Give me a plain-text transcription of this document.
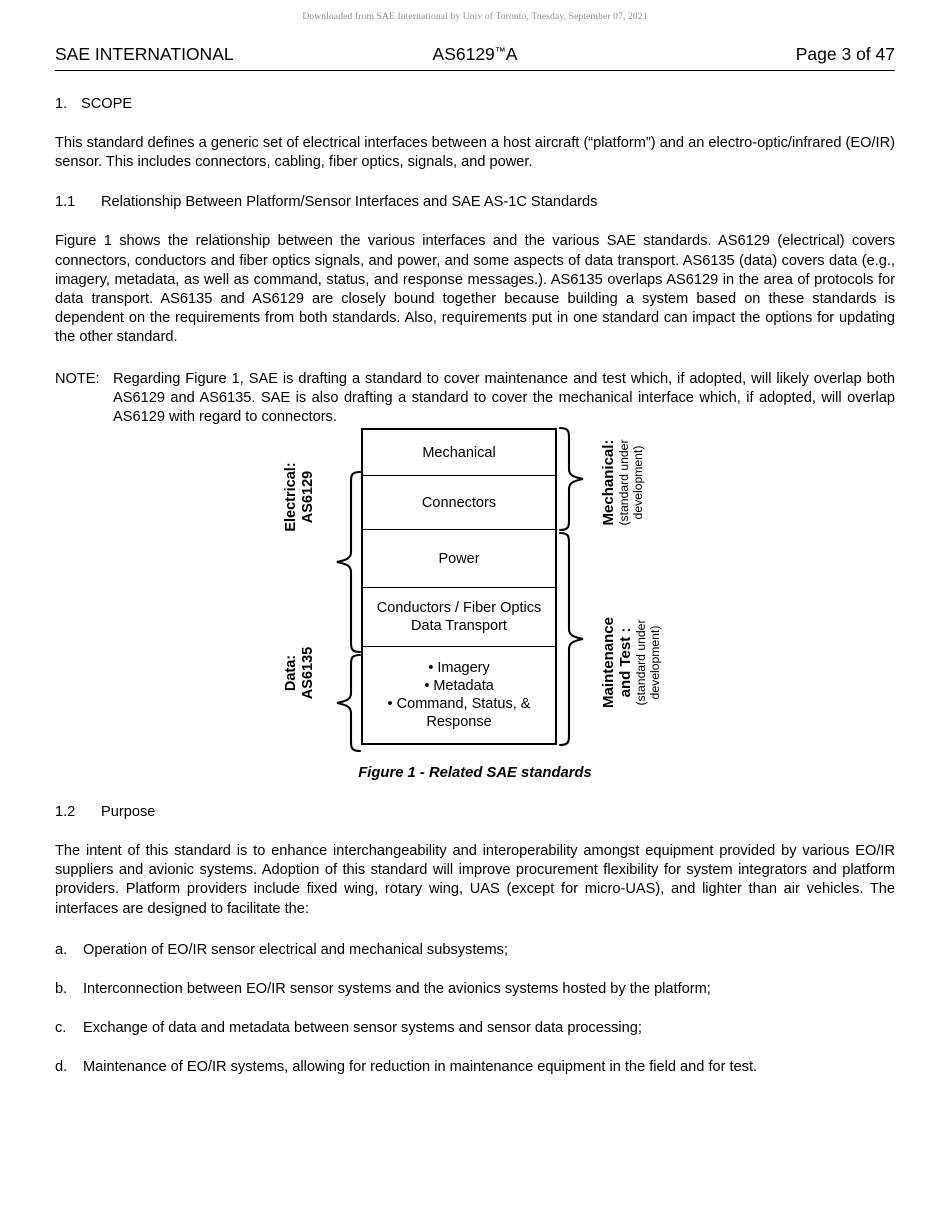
Downloaded from SAE International by Univ of Toronto, Tuesday, September 07, 2021
SAE INTERNATIONAL	AS6129™A	Page 3 of 47
1. SCOPE

This standard defines a generic set of electrical interfaces between a host aircraft (“platform”) and an electro-optic/infrared (EO/IR) sensor. This includes connectors, cabling, fiber optics, signals, and power.

1.1	Relationship Between Platform/Sensor Interfaces and SAE AS-1C Standards

Figure 1 shows the relationship between the various interfaces and the various SAE standards. AS6129 (electrical) covers connectors, conductors and fiber optics signals, and power, and some aspects of data transport. AS6135 (data) covers data (e.g., imagery, metadata, as well as command, status, and response messages.). AS6135 overlaps AS6129 in the area of protocols for data transport. AS6135 and AS6129 are closely bound together because building a system based on these standards is dependent on the requirements from both standards. Also, requirements put in one standard can impact the options for updating the other standard.

NOTE: Regarding Figure 1, SAE is drafting a standard to cover maintenance and test which, if adopted, will likely overlap both AS6129 and AS6135. SAE is also drafting a standard to cover the mechanical interface which, if adopted, will overlap AS6129 with regard to connectors.
Mechanical
Connectors
Power
Conductors / Fiber Optics
Data Transport
• Imagery
• Metadata
• Command, Status, &
Response
Electrical: AS6129
Data: AS6135
Mechanical: (standard under development)
Maintenance and Test : (standard under development)
Figure 1 - Related SAE standards
1.2	Purpose

The intent of this standard is to enhance interchangeability and interoperability amongst equipment provided by various EO/IR suppliers and avionic systems. Adoption of this standard will improve procurement flexibility for system integrators and platform providers. Platform providers include fixed wing, rotary wing, UAS (except for micro-UAS), and lighter than air vehicles. The interfaces are designed to facilitate the:

a.	Operation of EO/IR sensor electrical and mechanical subsystems;
b.	Interconnection between EO/IR sensor systems and the avionics systems hosted by the platform;
c.	Exchange of data and metadata between sensor systems and sensor data processing;
d.	Maintenance of EO/IR systems, allowing for reduction in maintenance equipment in the field and for test.
